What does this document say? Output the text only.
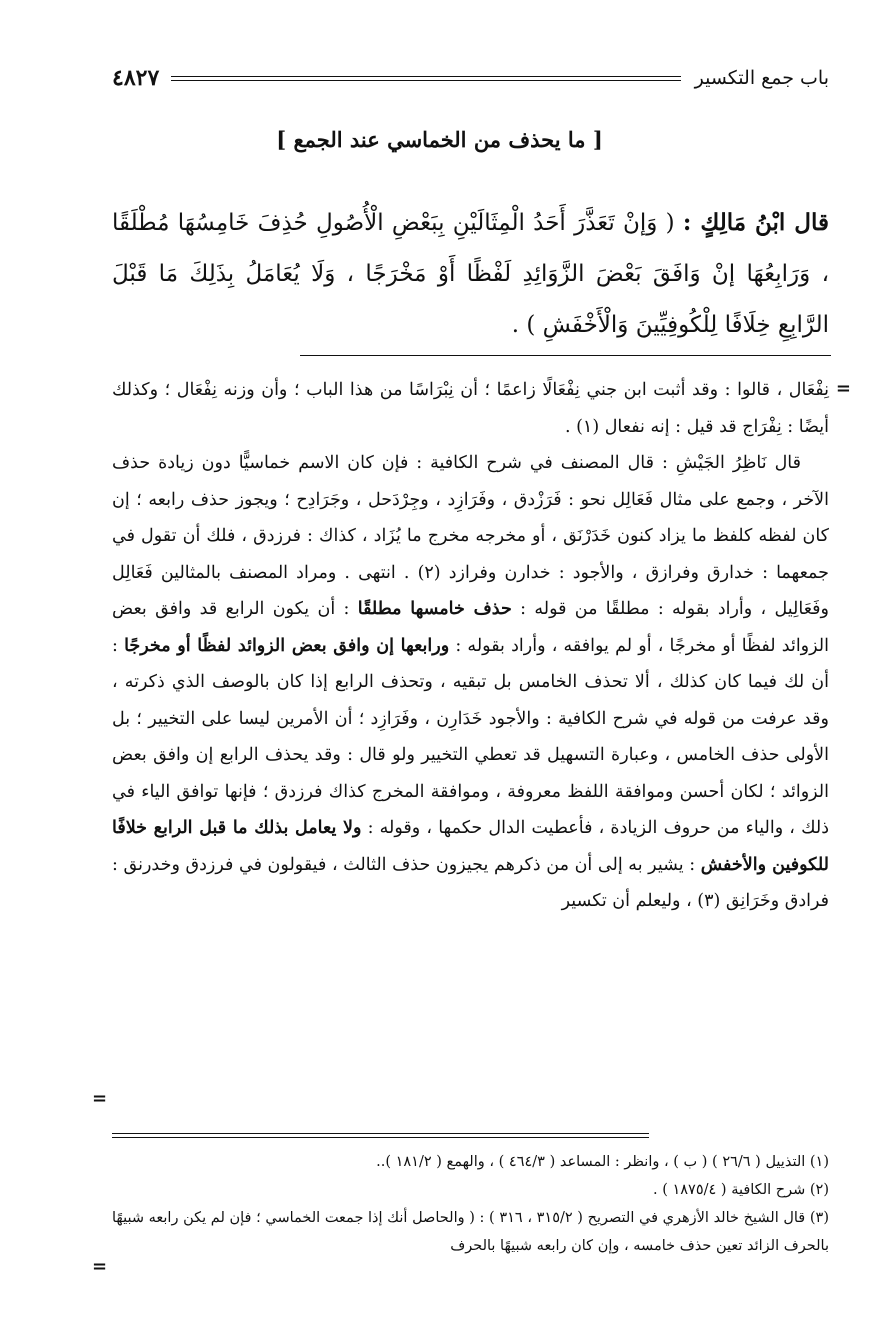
باب جمع التكسير
٤٨٢٧
[ ما يحذف من الخماسي عند الجمع ]
قال ابْنُ مَالِكٍ : ( وَإنْ تَعَذَّرَ أَحَدُ الْمِثَالَيْنِ بِبَعْضِ الْأُصُولِ حُذِفَ خَامِسُهَا مُطْلَقًا ، وَرَابِعُهَا إنْ وَافَقَ بَعْضَ الزَّوَائِدِ لَفْظًا أَوْ مَخْرَجًا ، وَلَا يُعَامَلُ بِذَلِكَ مَا قَبْلَ الرَّابِعِ خِلَافًا لِلْكُوفِيِّينَ وَالْأَخْفَشِ ) .
=

نِفْعَال ، قالوا : وقد أثبت ابن جني نِفْعَالًا زاعمًا ؛ أن نِبْرَاسًا من هذا الباب ؛ وأن وزنه نِفْعَال ؛ وكذلك أيضًا : نِفْرَاج قد قيل : إنه نفعال (١) .

قال نَاظِرُ الجَيْشِ : قال المصنف في شرح الكافية : فإن كان الاسم خماسيًّا دون زيادة حذف الآخر ، وجمع على مثال فَعَالِل نحو : فَرَزْدق ، وفَرَازِد ، وجِرْدَحل ، وجَرَادِح ؛ ويجوز حذف رابعه ؛ إن كان لفظه كلفظ ما يزاد كنون خَدَرْنَق ، أو مخرجه مخرج ما يُزَاد ، كذاك : فرزدق ، فلك أن تقول في جمعهما : خدارق وفرازق ، والأجود : خدارن وفرازد (٢) . انتهى . ومراد المصنف بالمثالين فَعَالِل وفَعَالِيل ، وأراد بقوله : مطلقًا من قوله : حذف خامسها مطلقًا : أن يكون الرابع قد وافق بعض الزوائد لفظًا أو مخرجًا ، أو لم يوافقه ، وأراد بقوله : ورابعها إن وافق بعض الزوائد لفظًا أو مخرجًا : أن لك فيما كان كذلك ، ألا تحذف الخامس بل تبقيه ، وتحذف الرابع إذا كان بالوصف الذي ذكرته ، وقد عرفت من قوله في شرح الكافية : والأجود خَدَارِن ، وفَرَازِد ؛ أن الأمرين ليسا على التخيير ؛ بل الأولى حذف الخامس ، وعبارة التسهيل قد تعطي التخيير ولو قال : وقد يحذف الرابع إن وافق بعض الزوائد ؛ لكان أحسن وموافقة اللفظ معروفة ، وموافقة المخرج كذاك فرزدق ؛ فإنها توافق الياء في ذلك ، والياء من حروف الزيادة ، فأعطيت الدال حكمها ، وقوله : ولا يعامل بذلك ما قبل الرابع خلافًا للكوفين والأخفش : يشير به إلى أن من ذكرهم يجيزون حذف الثالث ، فيقولون في فرزدق وخدرنق : فرادق وخَرَانِق (٣) ، وليعلم أن تكسير

=

(١) التذييل ( ٢٦/٦ ) ( ب ) ، وانظر : المساعد ( ٤٦٤/٣ ) ، والهمع ( ١٨١/٢ )..

(٢) شرح الكافية ( ١٨٧٥/٤ ) .

(٣) قال الشيخ خالد الأزهري في التصريح ( ٣١٥/٢ ، ٣١٦ ) : ( والحاصل أنك إذا جمعت الخماسي ؛ فإن لم يكن رابعه شبيهًا بالحرف الزائد تعين حذف خامسه ، وإن كان رابعه شبيهًا بالحرف

=
